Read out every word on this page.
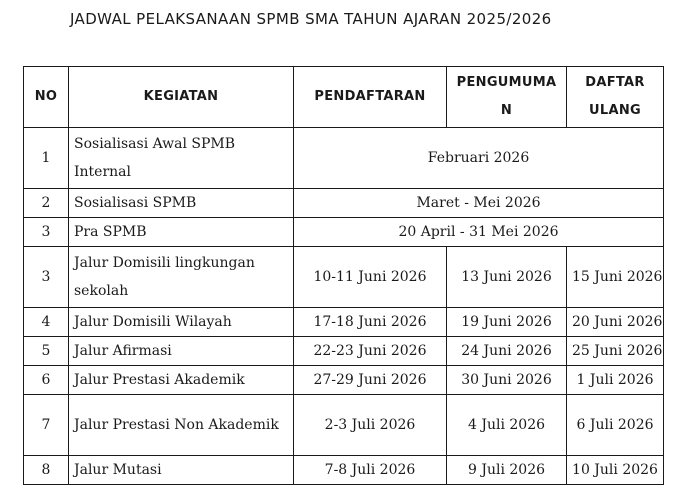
JADWAL PELAKSANAAN SPMB SMA TAHUN AJARAN 2025/2026
NO	KEGIATAN	PENDAFTARAN	PENGUMUMAN	DAFTAR ULANG
1	Sosialisasi Awal SPMB Internal	Februari 2026		
2	Sosialisasi SPMB	Maret - Mei 2026		
3	Pra SPMB	20 April - 31 Mei 2026		
3	Jalur Domisili lingkungan sekolah	10-11 Juni 2026	13 Juni 2026	15 Juni 2026
4	Jalur Domisili Wilayah	17-18 Juni 2026	19 Juni 2026	20 Juni 2026
5	Jalur Afirmasi	22-23 Juni 2026	24 Juni 2026	25 Juni 2026
6	Jalur Prestasi Akademik	27-29 Juni 2026	30 Juni 2026	1 Juli 2026
7	Jalur Prestasi Non Akademik	2-3 Juli 2026	4 Juli 2026	6 Juli 2026
8	Jalur Mutasi	7-8 Juli 2026	9 Juli 2026	10 Juli 2026
